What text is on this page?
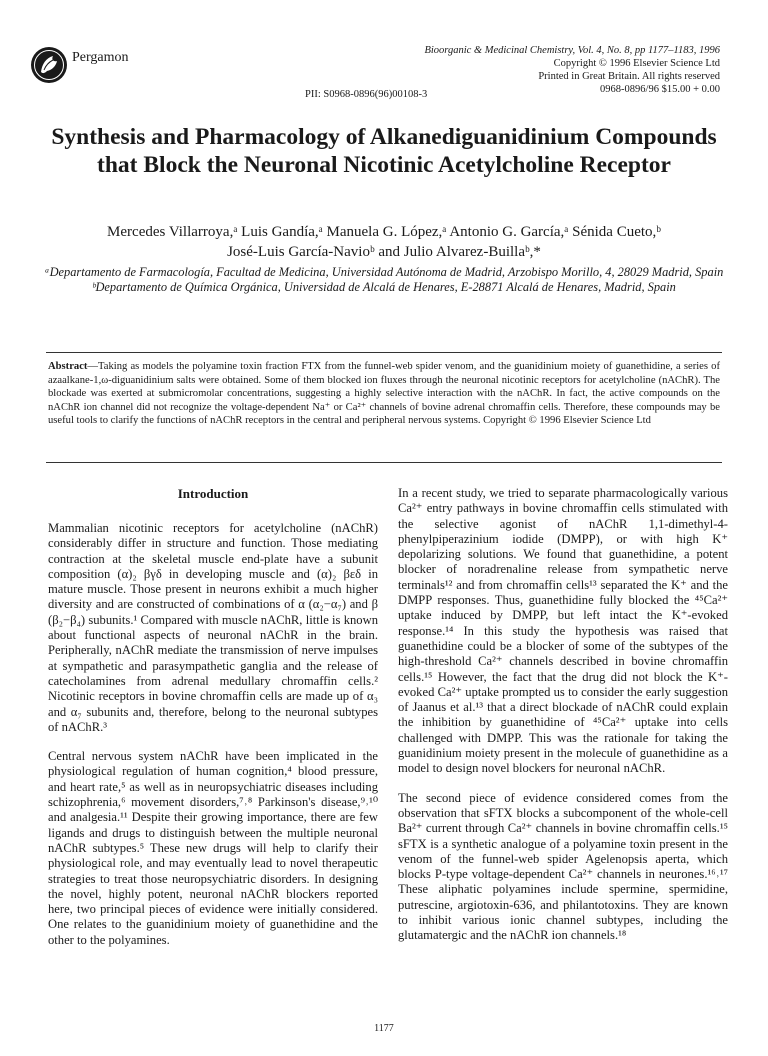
Pergamon	Bioorganic & Medicinal Chemistry, Vol. 4, No. 8, pp 1177–1183, 1996
Copyright © 1996 Elsevier Science Ltd
Printed in Great Britain. All rights reserved
0968-0896/96 $15.00 + 0.00
PII: S0968-0896(96)00108-3
Synthesis and Pharmacology of Alkanediguanidinium Compounds that Block the Neuronal Nicotinic Acetylcholine Receptor
Mercedes Villarroya,ᵃ Luis Gandía,ᵃ Manuela G. López,ᵃ Antonio G. García,ᵃ Sénida Cueto,ᵇ
José-Luis García-Navioᵇ and Julio Alvarez-Buillaᵇ,*
ᵃDepartamento de Farmacología, Facultad de Medicina, Universidad Autónoma de Madrid, Arzobispo Morillo, 4, 28029 Madrid, Spain
ᵇDepartamento de Química Orgánica, Universidad de Alcalá de Henares, E-28871 Alcalá de Henares, Madrid, Spain
Abstract—Taking as models the polyamine toxin fraction FTX from the funnel-web spider venom, and the guanidinium moiety of guanethidine, a series of azaalkane-1,ω-diguanidinium salts were obtained. Some of them blocked ion fluxes through the neuronal nicotinic receptors for acetylcholine (nAChR). The blockade was exerted at submicromolar concentrations, suggesting a highly selective interaction with the nAChR. In fact, the active compounds on the nAChR ion channel did not recognize the voltage-dependent Na⁺ or Ca²⁺ channels of bovine adrenal chromaffin cells. Therefore, these compounds may be useful tools to clarify the functions of nAChR receptors in the central and peripheral nervous systems. Copyright © 1996 Elsevier Science Ltd
Introduction

Mammalian nicotinic receptors for acetylcholine (nAChR) considerably differ in structure and function. Those mediating contraction at the skeletal muscle end-plate have a subunit composition (α)₂ βγδ in developing muscle and (α)₂ βεδ in mature muscle. Those present in neurons exhibit a much higher diversity and are constructed of combinations of α (α₂−α₇) and β (β₂−β₄) subunits.¹ Compared with muscle nAChR, little is known about functional aspects of neuronal nAChR in the brain. Peripherally, nAChR mediate the transmission of nerve impulses at sympathetic and parasympathetic ganglia and the release of catecholamines from adrenal medullary chromaffin cells.² Nicotinic receptors in bovine chromaffin cells are made up of α₃ and α₇ subunits and, therefore, belong to the neuronal subtypes of nAChR.³

Central nervous system nAChR have been implicated in the physiological regulation of human cognition,⁴ blood pressure, and heart rate,⁵ as well as in neuropsychiatric diseases including schizophrenia,⁶ movement disorders,⁷˒⁸ Parkinson's disease,⁹˒¹⁰ and analgesia.¹¹ Despite their growing importance, there are few ligands and drugs to distinguish between the multiple neuronal nAChR subtypes.⁵ These new drugs will help to clarify their physiological role, and may eventually lead to novel therapeutic strategies to treat those neuropsychiatric disorders. In designing the novel, highly potent, neuronal nAChR blockers reported here, two principal pieces of evidence were initially considered. One relates to the guanidinium moiety of guanethidine and the other to the polyamines.

In a recent study, we tried to separate pharmacologically various Ca²⁺ entry pathways in bovine chromaffin cells stimulated with the selective agonist of nAChR 1,1-dimethyl-4-phenylpiperazinium iodide (DMPP), or with high K⁺ depolarizing solutions. We found that guanethidine, a potent blocker of noradrenaline release from sympathetic nerve terminals¹² and from chromaffin cells¹³ separated the K⁺ and the DMPP responses. Thus, guanethidine fully blocked the ⁴⁵Ca²⁺ uptake induced by DMPP, but left intact the K⁺-evoked response.¹⁴ In this study the hypothesis was raised that guanethidine could be a blocker of some of the subtypes of the high-threshold Ca²⁺ channels described in bovine chromaffin cells.¹⁵ However, the fact that the drug did not block the K⁺-evoked Ca²⁺ uptake prompted us to consider the early suggestion of Jaanus et al.¹³ that a direct blockade of nAChR could explain the inhibition by guanethidine of ⁴⁵Ca²⁺ uptake into cells challenged with DMPP. This was the rationale for taking the guanidinium moiety present in the molecule of guanethidine as a model to design novel blockers for neuronal nAChR.

The second piece of evidence considered comes from the observation that sFTX blocks a subcomponent of the whole-cell Ba²⁺ current through Ca²⁺ channels in bovine chromaffin cells.¹⁵ sFTX is a synthetic analogue of a polyamine toxin present in the venom of the funnel-web spider Agelenopsis aperta, which blocks P-type voltage-dependent Ca²⁺ channels in neurones.¹⁶˒¹⁷ These aliphatic polyamines include spermine, spermidine, putrescine, argiotoxin-636, and philantotoxins. They are known to inhibit various ionic channel subtypes, including the glutamatergic and the nAChR ion channels.¹⁸

1177
